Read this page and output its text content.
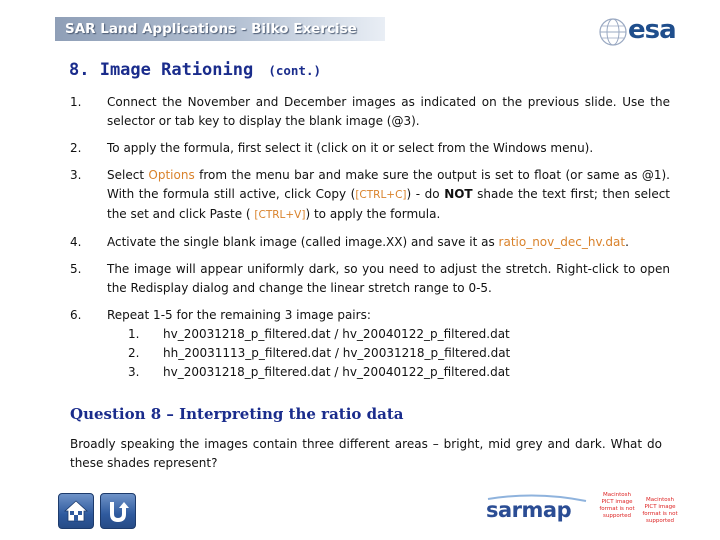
SAR Land Applications - Bilko Exercise	esa
8. Image Rationing (cont.)
1.	Connect the November and December images as indicated on the previous slide. Use the selector or tab key to display the blank image (@3).
2.	To apply the formula, first select it (click on it or select from the Windows menu).
3.	Select Options from the menu bar and make sure the output is set to float (or same as @1). With the formula still active, click Copy ([CTRL+C]) - do NOT shade the text first; then select the set and click Paste ( [CTRL+V]) to apply the formula.
4.	Activate the single blank image (called image.XX) and save it as ratio_nov_dec_hv.dat.
5.	The image will appear uniformly dark, so you need to adjust the stretch. Right-click to open the Redisplay dialog and change the linear stretch range to 0-5.
6.	Repeat 1-5 for the remaining 3 image pairs:
1. hv_20031218_p_filtered.dat / hv_20040122_p_filtered.dat
2. hh_20031113_p_filtered.dat / hv_20031218_p_filtered.dat
3. hv_20031218_p_filtered.dat / hv_20040122_p_filtered.dat
Question 8 – Interpreting the ratio data
Broadly speaking the images contain three different areas – bright, mid grey and dark. What do these shades represent?
sarmap
Macintosh PICT image format is not supported
Macintosh PICT image format is not supported
